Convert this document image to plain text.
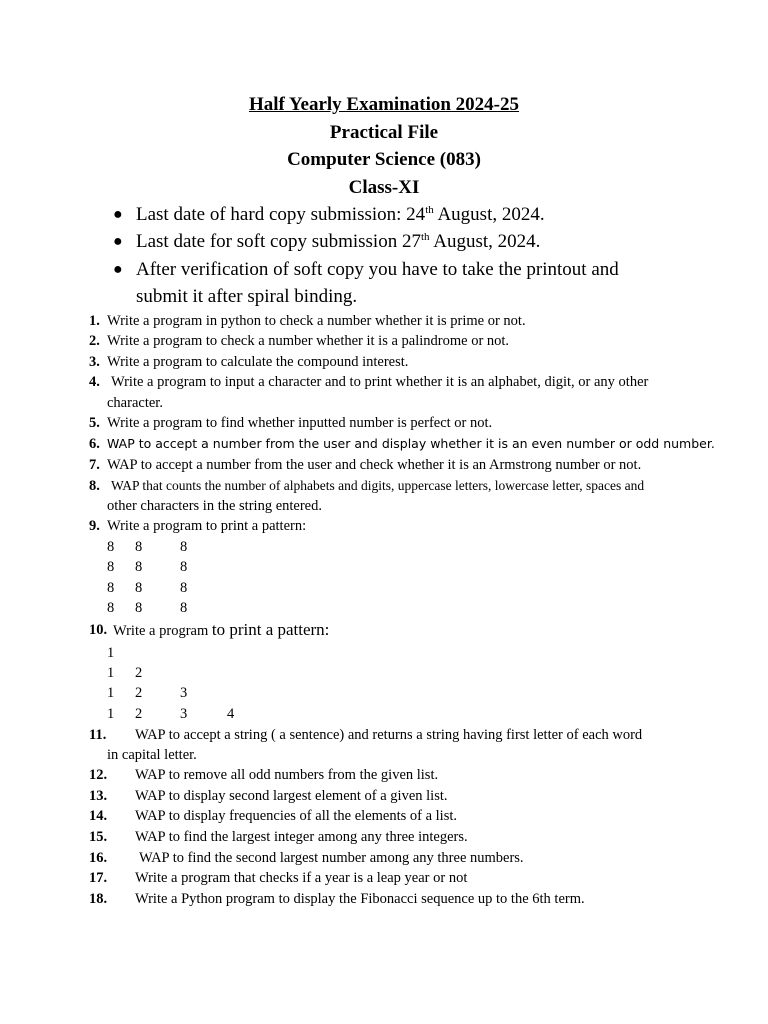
Half Yearly Examination 2024-25
Practical File
Computer Science (083)
Class-XI
● Last date of hard copy submission: 24th August, 2024.
● Last date for soft copy submission 27th August, 2024.
● After verification of soft copy you have to take the printout and
submit it after spiral binding.
1. Write a program in python to check a number whether it is prime or not.
2. Write a program to check a number whether it is a palindrome or not.
3. Write a program to calculate the compound interest.
4. Write a program to input a character and to print whether it is an alphabet, digit, or any other
character.
5. Write a program to find whether inputted number is perfect or not.
6. WAP to accept a number from the user and display whether it is an even number or odd number.
7. WAP to accept a number from the user and check whether it is an Armstrong number or not.
8. WAP that counts the number of alphabets and digits, uppercase letters, lowercase letter, spaces and
other characters in the string entered.
9. Write a program to print a pattern:
8 8	8
8 8	8
8 8	8
8 8	8
10. Write a program to print a pattern:
1
1 2
1 2	3
1 2	3	4
11. WAP to accept a string ( a sentence) and returns a string having first letter of each word
in capital letter.
12. WAP to remove all odd numbers from the given list.
13. WAP to display second largest element of a given list.
14. WAP to display frequencies of all the elements of a list.
15. WAP to find the largest integer among any three integers.
16. WAP to find the second largest number among any three numbers.
17. Write a program that checks if a year is a leap year or not
18. Write a Python program to display the Fibonacci sequence up to the 6th term.
